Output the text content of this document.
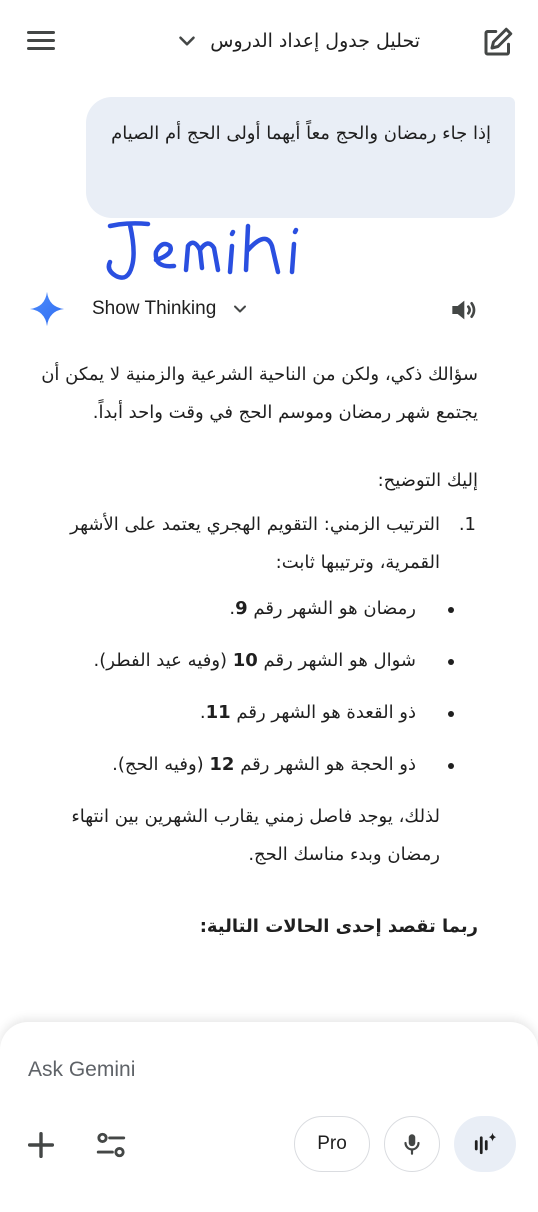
تحليل جدول إعداد الدروس
إذا جاء رمضان والحج معاً أيهما أولى الحج أم الصيام
Show Thinking

سؤالك ذكي، ولكن من الناحية الشرعية والزمنية لا يمكن أن يجتمع شهر رمضان وموسم الحج في وقت واحد أبداً.

إليك التوضيح:

1.
الترتيب الزمني: التقويم الهجري يعتمد على الأشهر القمرية، وترتيبها ثابت:
رمضان هو الشهر رقم 9.
شوال هو الشهر رقم 10 (وفيه عيد الفطر).
ذو القعدة هو الشهر رقم 11.
ذو الحجة هو الشهر رقم 12 (وفيه الحج).

لذلك، يوجد فاصل زمني يقارب الشهرين بين انتهاء رمضان وبدء مناسك الحج.

ربما تقصد إحدى الحالات التالية:
Ask Gemini
Pro
